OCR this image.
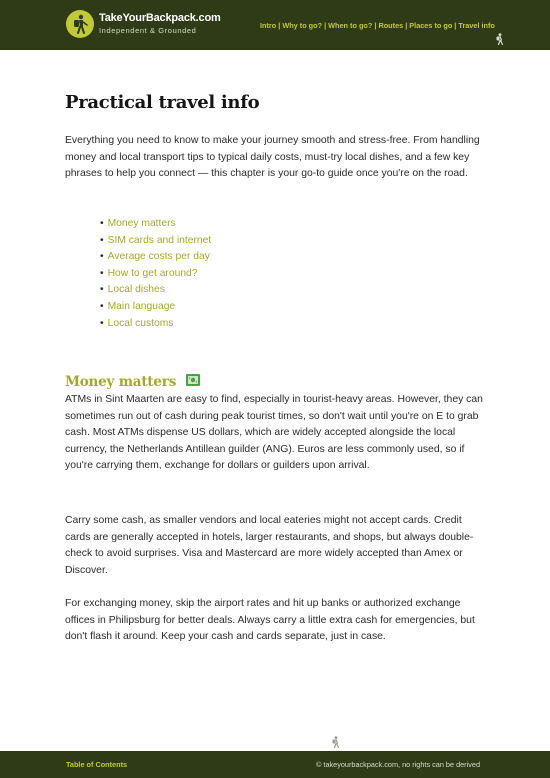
TakeYourBackpack.com
Independent & Grounded
Intro | Why to go? | When to go? | Routes | Places to go | Travel info
Practical travel info

Everything you need to know to make your journey smooth and stress-free. From handling money and local transport tips to typical daily costs, must-try local dishes, and a few key phrases to help you connect — this chapter is your go-to guide once you're on the road.

• Money matters
• SIM cards and internet
• Average costs per day
• How to get around?
• Local dishes
• Main language
• Local customs
Money matters

ATMs in Sint Maarten are easy to find, especially in tourist-heavy areas. However, they can sometimes run out of cash during peak tourist times, so don't wait until you're on E to grab cash. Most ATMs dispense US dollars, which are widely accepted alongside the local currency, the Netherlands Antillean guilder (ANG). Euros are less commonly used, so if you're carrying them, exchange for dollars or guilders upon arrival.

Carry some cash, as smaller vendors and local eateries might not accept cards. Credit cards are generally accepted in hotels, larger restaurants, and shops, but always double-check to avoid surprises. Visa and Mastercard are more widely accepted than Amex or Discover.

For exchanging money, skip the airport rates and hit up banks or authorized exchange offices in Philipsburg for better deals. Always carry a little extra cash for emergencies, but don't flash it around. Keep your cash and cards separate, just in case.

Table of Contents	© takeyourbackpack.com, no rights can be derived
